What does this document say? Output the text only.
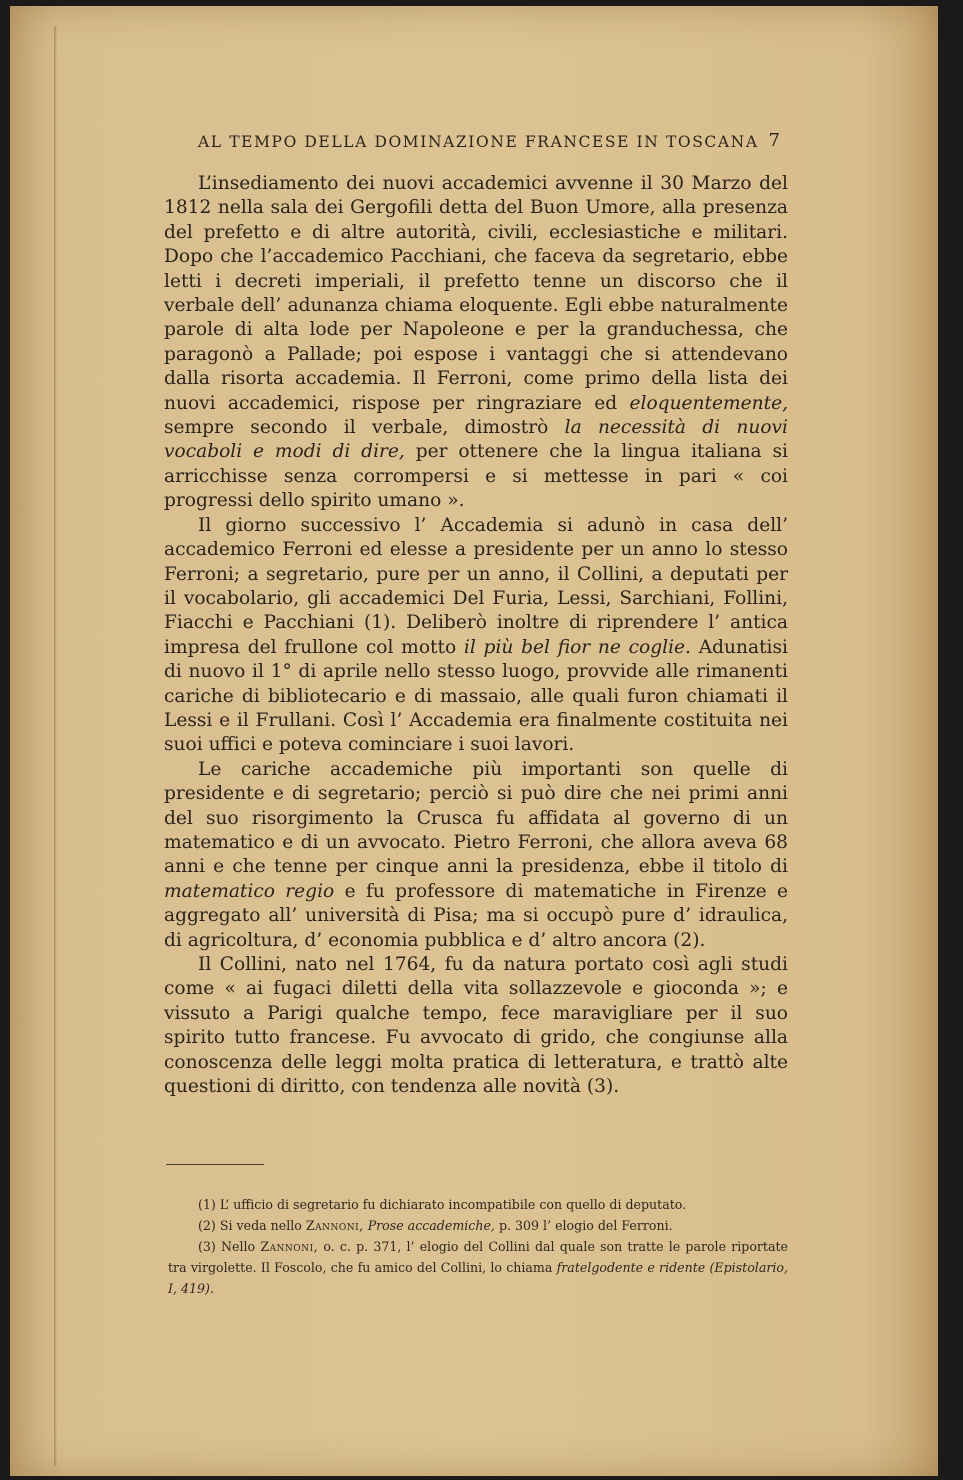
AL TEMPO DELLA DOMINAZIONE FRANCESE IN TOSCANA 7

L’insediamento dei nuovi accademici avvenne il 30 Marzo del 1812 nella sala dei Gergofili detta del Buon Umore, alla presenza del prefetto e di altre autorità, civili, ecclesiastiche e militari. Dopo che l’accademico Pacchiani, che faceva da segretario, ebbe letti i decreti imperiali, il prefetto tenne un discorso che il verbale dell’ adunanza chiama eloquente. Egli ebbe naturalmente parole di alta lode per Napoleone e per la granduchessa, che paragonò a Pallade; poi espose i vantaggi che si attendevano dalla risorta accademia. Il Ferroni, come primo della lista dei nuovi accademici, rispose per ringraziare ed eloquentemente, sempre secondo il verbale, dimostrò la necessità di nuovi vocaboli e modi di dire, per ottenere che la lingua italiana si arricchisse senza corrompersi e si mettesse in pari « coi progressi dello spirito umano ».

Il giorno successivo l’ Accademia si adunò in casa dell’ accademico Ferroni ed elesse a presidente per un anno lo stesso Ferroni; a segretario, pure per un anno, il Collini, a deputati per il vocabolario, gli accademici Del Furia, Lessi, Sarchiani, Follini, Fiacchi e Pacchiani (1). Deliberò inoltre di riprendere l’ antica impresa del frullone col motto il più bel fior ne coglie. Adunatisi di nuovo il 1° di aprile nello stesso luogo, provvide alle rimanenti cariche di bibliotecario e di massaio, alle quali furon chiamati il Lessi e il Frullani. Così l’ Accademia era finalmente costituita nei suoi uffici e poteva cominciare i suoi lavori.

Le cariche accademiche più importanti son quelle di presidente e di segretario; perciò si può dire che nei primi anni del suo risorgimento la Crusca fu affidata al governo di un matematico e di un avvocato. Pietro Ferroni, che allora aveva 68 anni e che tenne per cinque anni la presidenza, ebbe il titolo di matematico regio e fu professore di matematiche in Firenze e aggregato all’ università di Pisa; ma si occupò pure d’ idraulica, di agricoltura, d’ economia pubblica e d’ altro ancora (2).

Il Collini, nato nel 1764, fu da natura portato così agli studi come « ai fugaci diletti della vita sollazzevole e gioconda »; e vissuto a Parigi qualche tempo, fece maravigliare per il suo spirito tutto francese. Fu avvocato di grido, che congiunse alla conoscenza delle leggi molta pratica di letteratura, e trattò alte questioni di diritto, con tendenza alle novità (3).

(1) L’ ufficio di segretario fu dichiarato incompatibile con quello di deputato.

(2) Si veda nello Zannoni, Prose accademiche, p. 309 l’ elogio del Ferroni.

(3) Nello Zannoni, o. c. p. 371, l’ elogio del Collini dal quale son tratte le parole riportate tra virgolette. Il Foscolo, che fu amico del Collini, lo chiama fratelgodente e ridente (Epistolario, I, 419).
